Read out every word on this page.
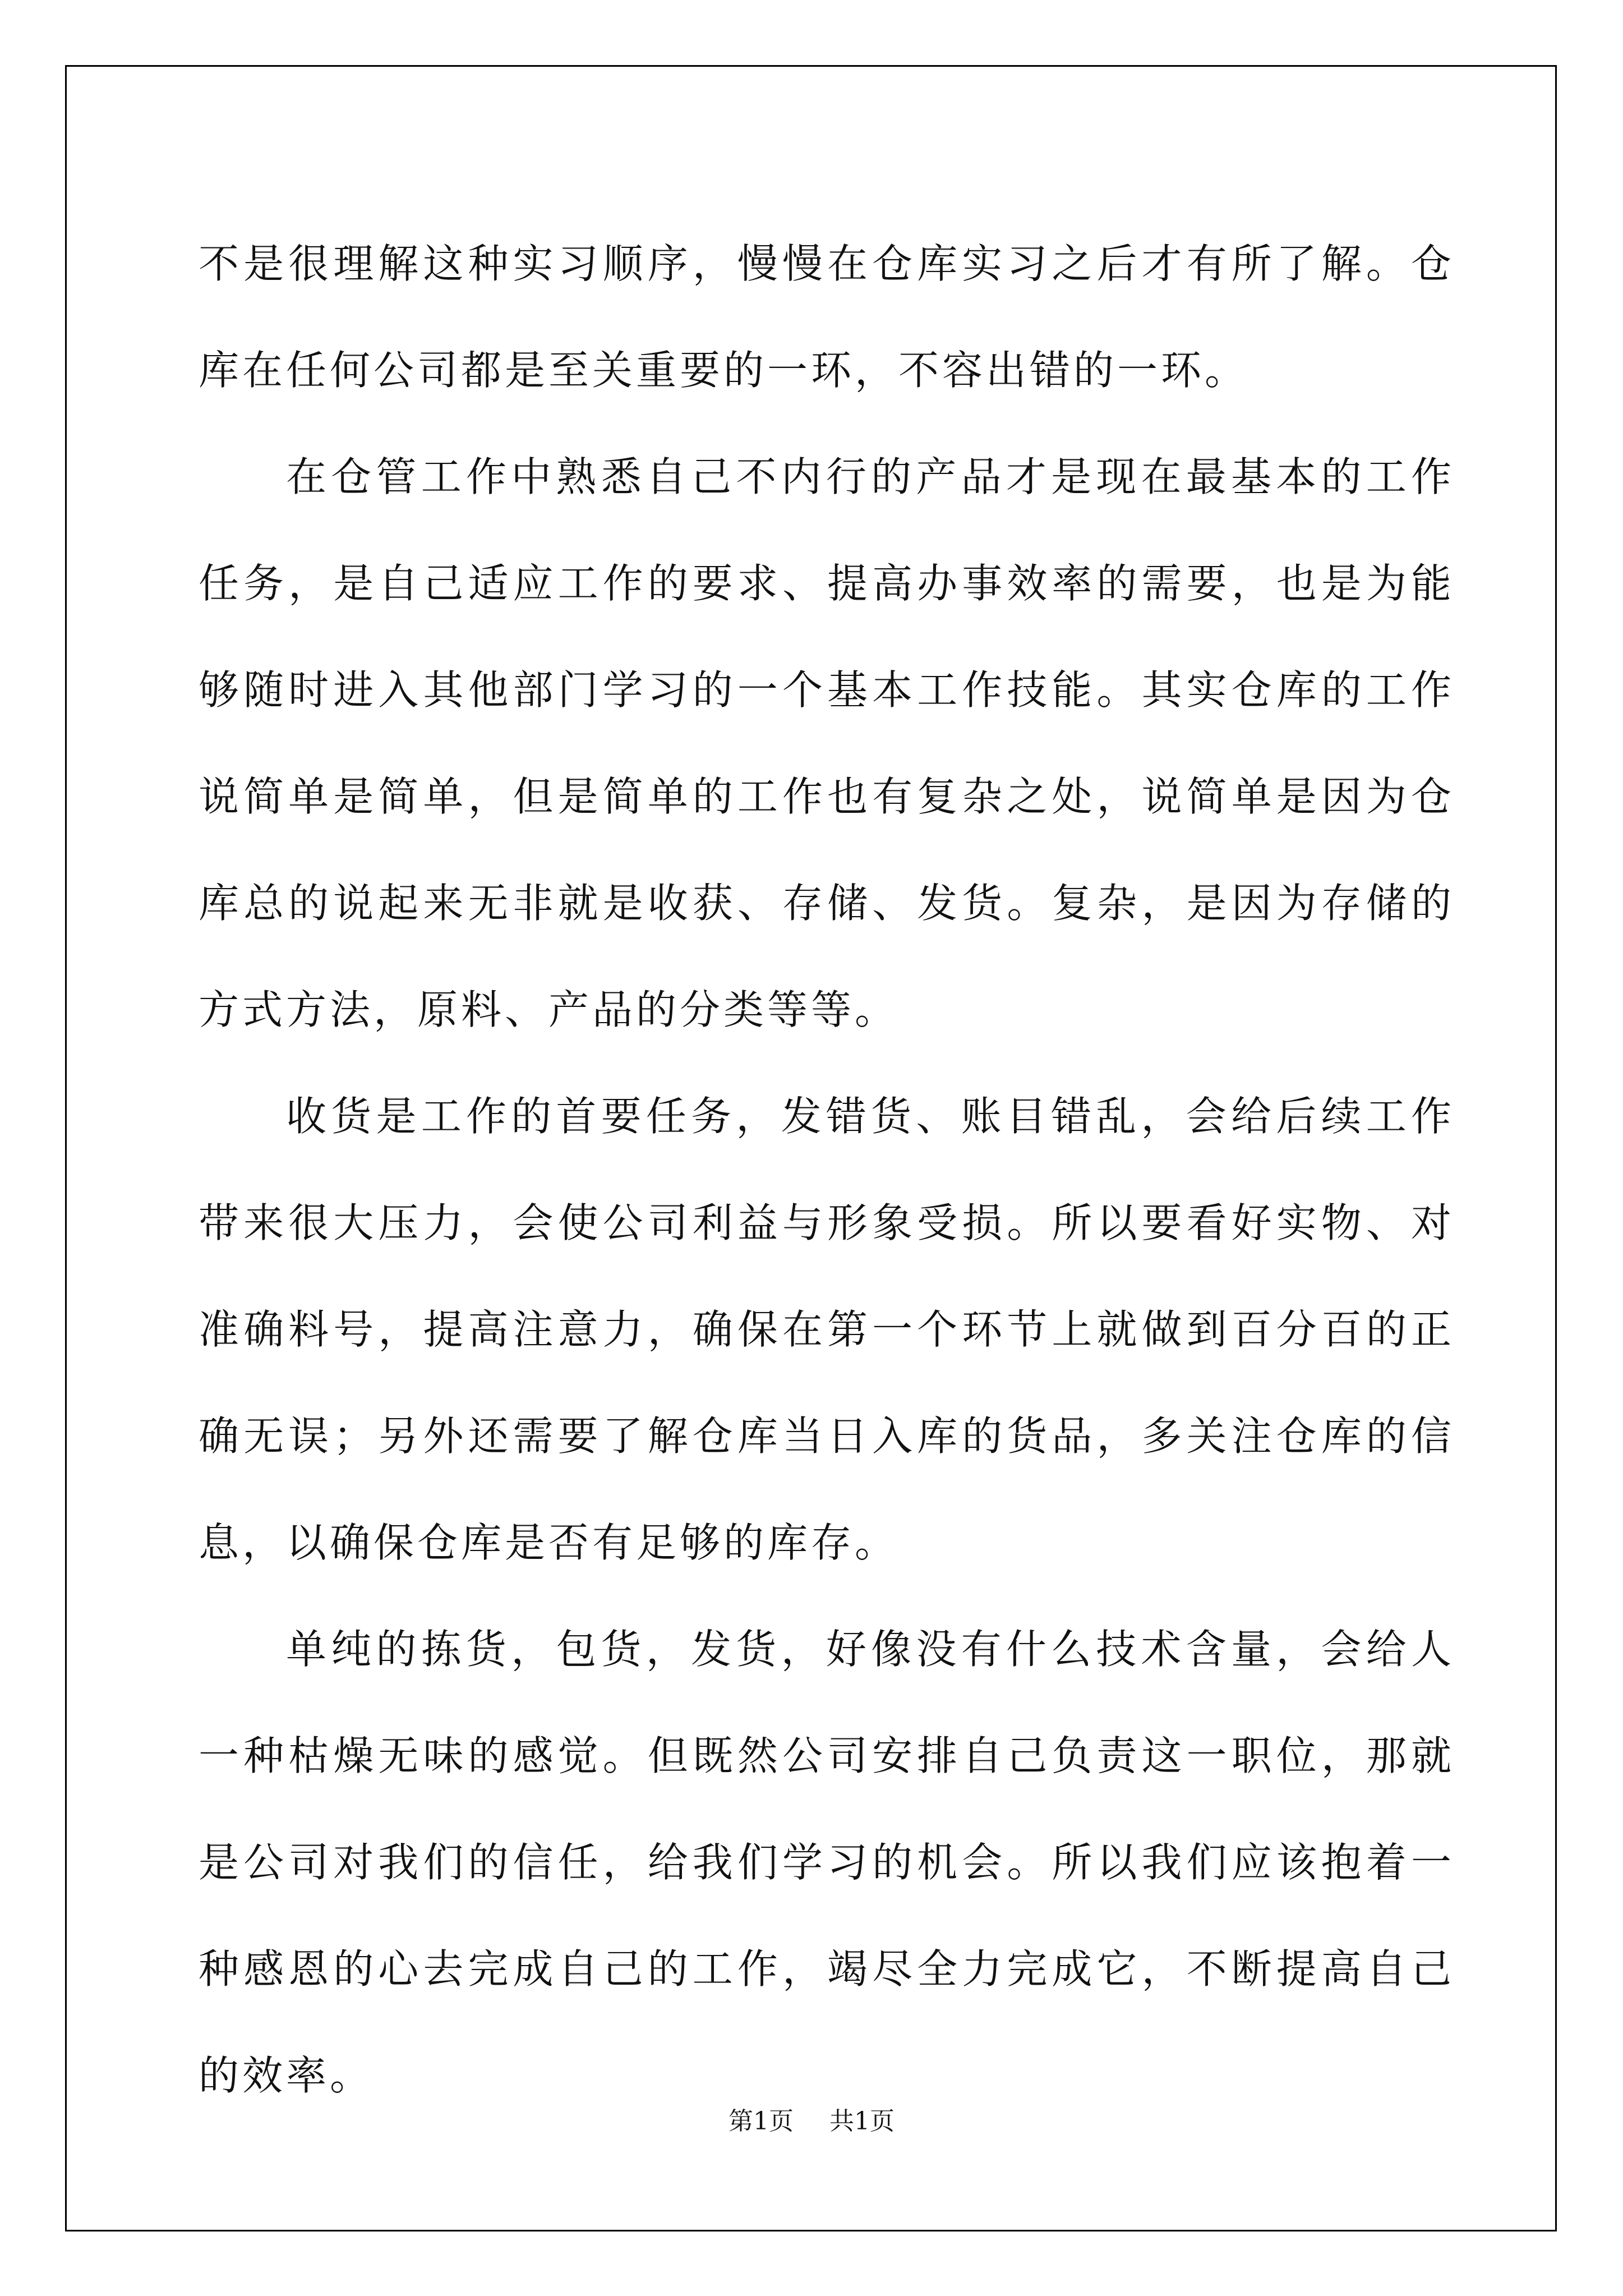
不是很理解这种实习顺序，慢慢在仓库实习之后才有所了解。仓库在任何公司都是至关重要的一环，不容出错的一环。

在仓管工作中熟悉自己不内行的产品才是现在最基本的工作任务，是自己适应工作的要求、提高办事效率的需要，也是为能够随时进入其他部门学习的一个基本工作技能。其实仓库的工作说简单是简单，但是简单的工作也有复杂之处，说简单是因为仓库总的说起来无非就是收获、存储、发货。复杂，是因为存储的方式方法，原料、产品的分类等等。

收货是工作的首要任务，发错货、账目错乱，会给后续工作带来很大压力，会使公司利益与形象受损。所以要看好实物、对准确料号，提高注意力，确保在第一个环节上就做到百分百的正确无误；另外还需要了解仓库当日入库的货品，多关注仓库的信息，以确保仓库是否有足够的库存。

单纯的拣货，包货，发货，好像没有什么技术含量，会给人一种枯燥无味的感觉。但既然公司安排自己负责这一职位，那就是公司对我们的信任，给我们学习的机会。所以我们应该抱着一种感恩的心去完成自己的工作，竭尽全力完成它，不断提高自己的效率。

第1页 共1页
